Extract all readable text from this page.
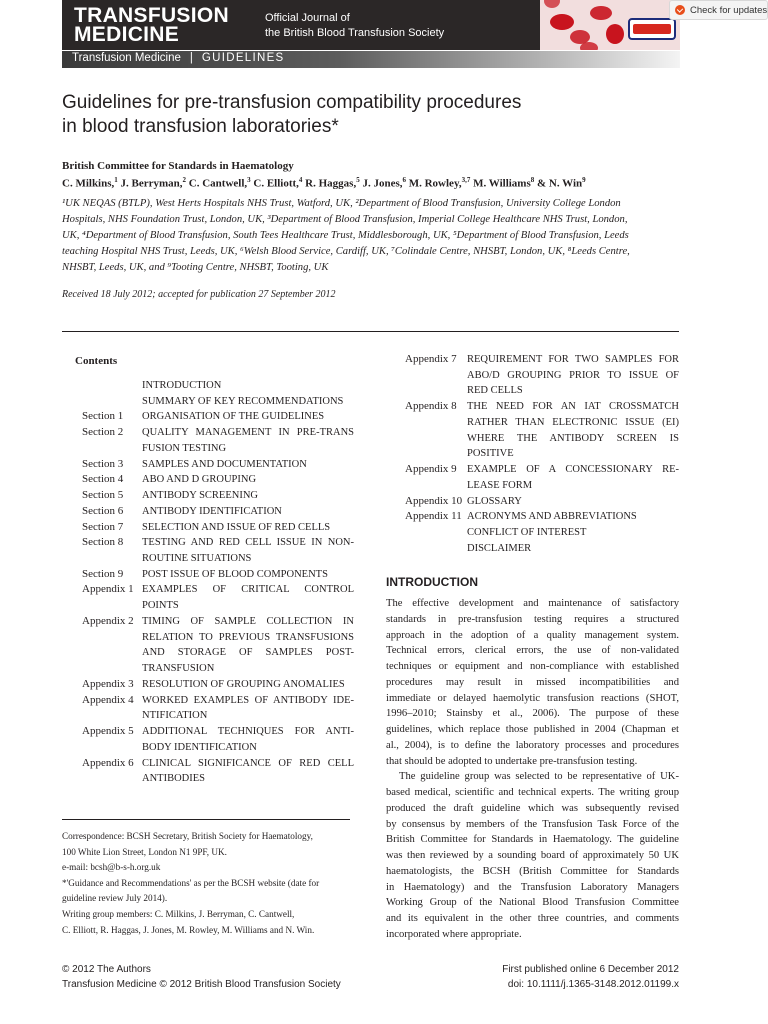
TRANSFUSION
MEDICINE
Official Journal of
the British Blood Transfusion Society
Check for updates
Transfusion Medicine | GUIDELINES
Guidelines for pre-transfusion compatibility procedures
in blood transfusion laboratories*
British Committee for Standards in Haematology
C. Milkins,$^1$ J. Berryman,$^2$ C. Cantwell,$^3$ C. Elliott,$^4$ R. Haggas,$^5$ J. Jones,$^6$ M. Rowley,$^{3,7}$ M. Williams$^8$ & N. Win$^9$
¹UK NEQAS (BTLP), West Herts Hospitals NHS Trust, Watford, UK, ²Department of Blood Transfusion, University College London
Hospitals, NHS Foundation Trust, London, UK, ³Department of Blood Transfusion, Imperial College Healthcare NHS Trust, London,
UK, ⁴Department of Blood Transfusion, South Tees Healthcare Trust, Middlesborough, UK, ⁵Department of Blood Transfusion, Leeds
teaching Hospital NHS Trust, Leeds, UK, ⁶Welsh Blood Service, Cardiff, UK, ⁷Colindale Centre, NHSBT, London, UK, ⁸Leeds Centre,
NHSBT, Leeds, UK, and ⁹Tooting Centre, NHSBT, Tooting, UK
Received 18 July 2012; accepted for publication 27 September 2012
Contents
INTRODUCTION
SUMMARY OF KEY RECOMMENDATIONS
Section 1 ORGANISATION OF THE GUIDELINES
Section 2 QUALITY MANAGEMENT IN PRE-TRANS
FUSION TESTING
Section 3 SAMPLES AND DOCUMENTATION
Section 4 ABO AND D GROUPING
Section 5 ANTIBODY SCREENING
Section 6 ANTIBODY IDENTIFICATION
Section 7 SELECTION AND ISSUE OF RED CELLS
Section 8 TESTING AND RED CELL ISSUE IN NON-
ROUTINE SITUATIONS
Section 9 POST ISSUE OF BLOOD COMPONENTS
Appendix 1 EXAMPLES OF CRITICAL CONTROL
POINTS
Appendix 2 TIMING OF SAMPLE COLLECTION IN
RELATION TO PREVIOUS TRANSFUSIONS
AND STORAGE OF SAMPLES POST-
TRANSFUSION
Appendix 3 RESOLUTION OF GROUPING ANOMALIES
Appendix 4 WORKED EXAMPLES OF ANTIBODY IDE-
NTIFICATION
Appendix 5 ADDITIONAL TECHNIQUES FOR ANTI-
BODY IDENTIFICATION
Appendix 6 CLINICAL SIGNIFICANCE OF RED CELL
ANTIBODIES
Appendix 7 REQUIREMENT FOR TWO SAMPLES FOR
ABO/D GROUPING PRIOR TO ISSUE OF
RED CELLS
Appendix 8 THE NEED FOR AN IAT CROSSMATCH
RATHER THAN ELECTRONIC ISSUE (EI)
WHERE THE ANTIBODY SCREEN IS
POSITIVE
Appendix 9 EXAMPLE OF A CONCESSIONARY RE-
LEASE FORM
Appendix 10 GLOSSARY
Appendix 11 ACRONYMS AND ABBREVIATIONS
CONFLICT OF INTEREST
DISCLAIMER
Correspondence: BCSH Secretary, British Society for Haematology,
100 White Lion Street, London N1 9PF, UK.
e-mail: bcsh@b-s-h.org.uk
*'Guidance and Recommendations' as per the BCSH website (date for
guideline review July 2014).
Writing group members: C. Milkins, J. Berryman, C. Cantwell,
C. Elliott, R. Haggas, J. Jones, M. Rowley, M. Williams and N. Win.
INTRODUCTION
The effective development and maintenance of satisfactory
standards in pre-transfusion testing requires a structured
approach in the adoption of a quality management system.
Technical errors, clerical errors, the use of non-validated
techniques or equipment and non-compliance with established
procedures may result in missed incompatibilities and
immediate or delayed haemolytic transfusion reactions (SHOT,
1996–2010; Stainsby et al., 2006). The purpose of these
guidelines, which replace those published in 2004 (Chapman et
al., 2004), is to define the laboratory processes and procedures
that should be adopted to undertake pre-transfusion testing.
The guideline group was selected to be representative of UK-
based medical, scientific and technical experts. The writing group
produced the draft guideline which was subsequently revised
by consensus by members of the Transfusion Task Force of the
British Committee for Standards in Haematology. The guideline
was then reviewed by a sounding board of approximately 50 UK
haematologists, the BCSH (British Committee for Standards
in Haematology) and the Transfusion Laboratory Managers
Working Group of the National Blood Transfusion Committee
and its equivalent in the other three countries, and comments
incorporated where appropriate.
© 2012 The Authors
Transfusion Medicine © 2012 British Blood Transfusion Society
First published online 6 December 2012
doi: 10.1111/j.1365-3148.2012.01199.x
